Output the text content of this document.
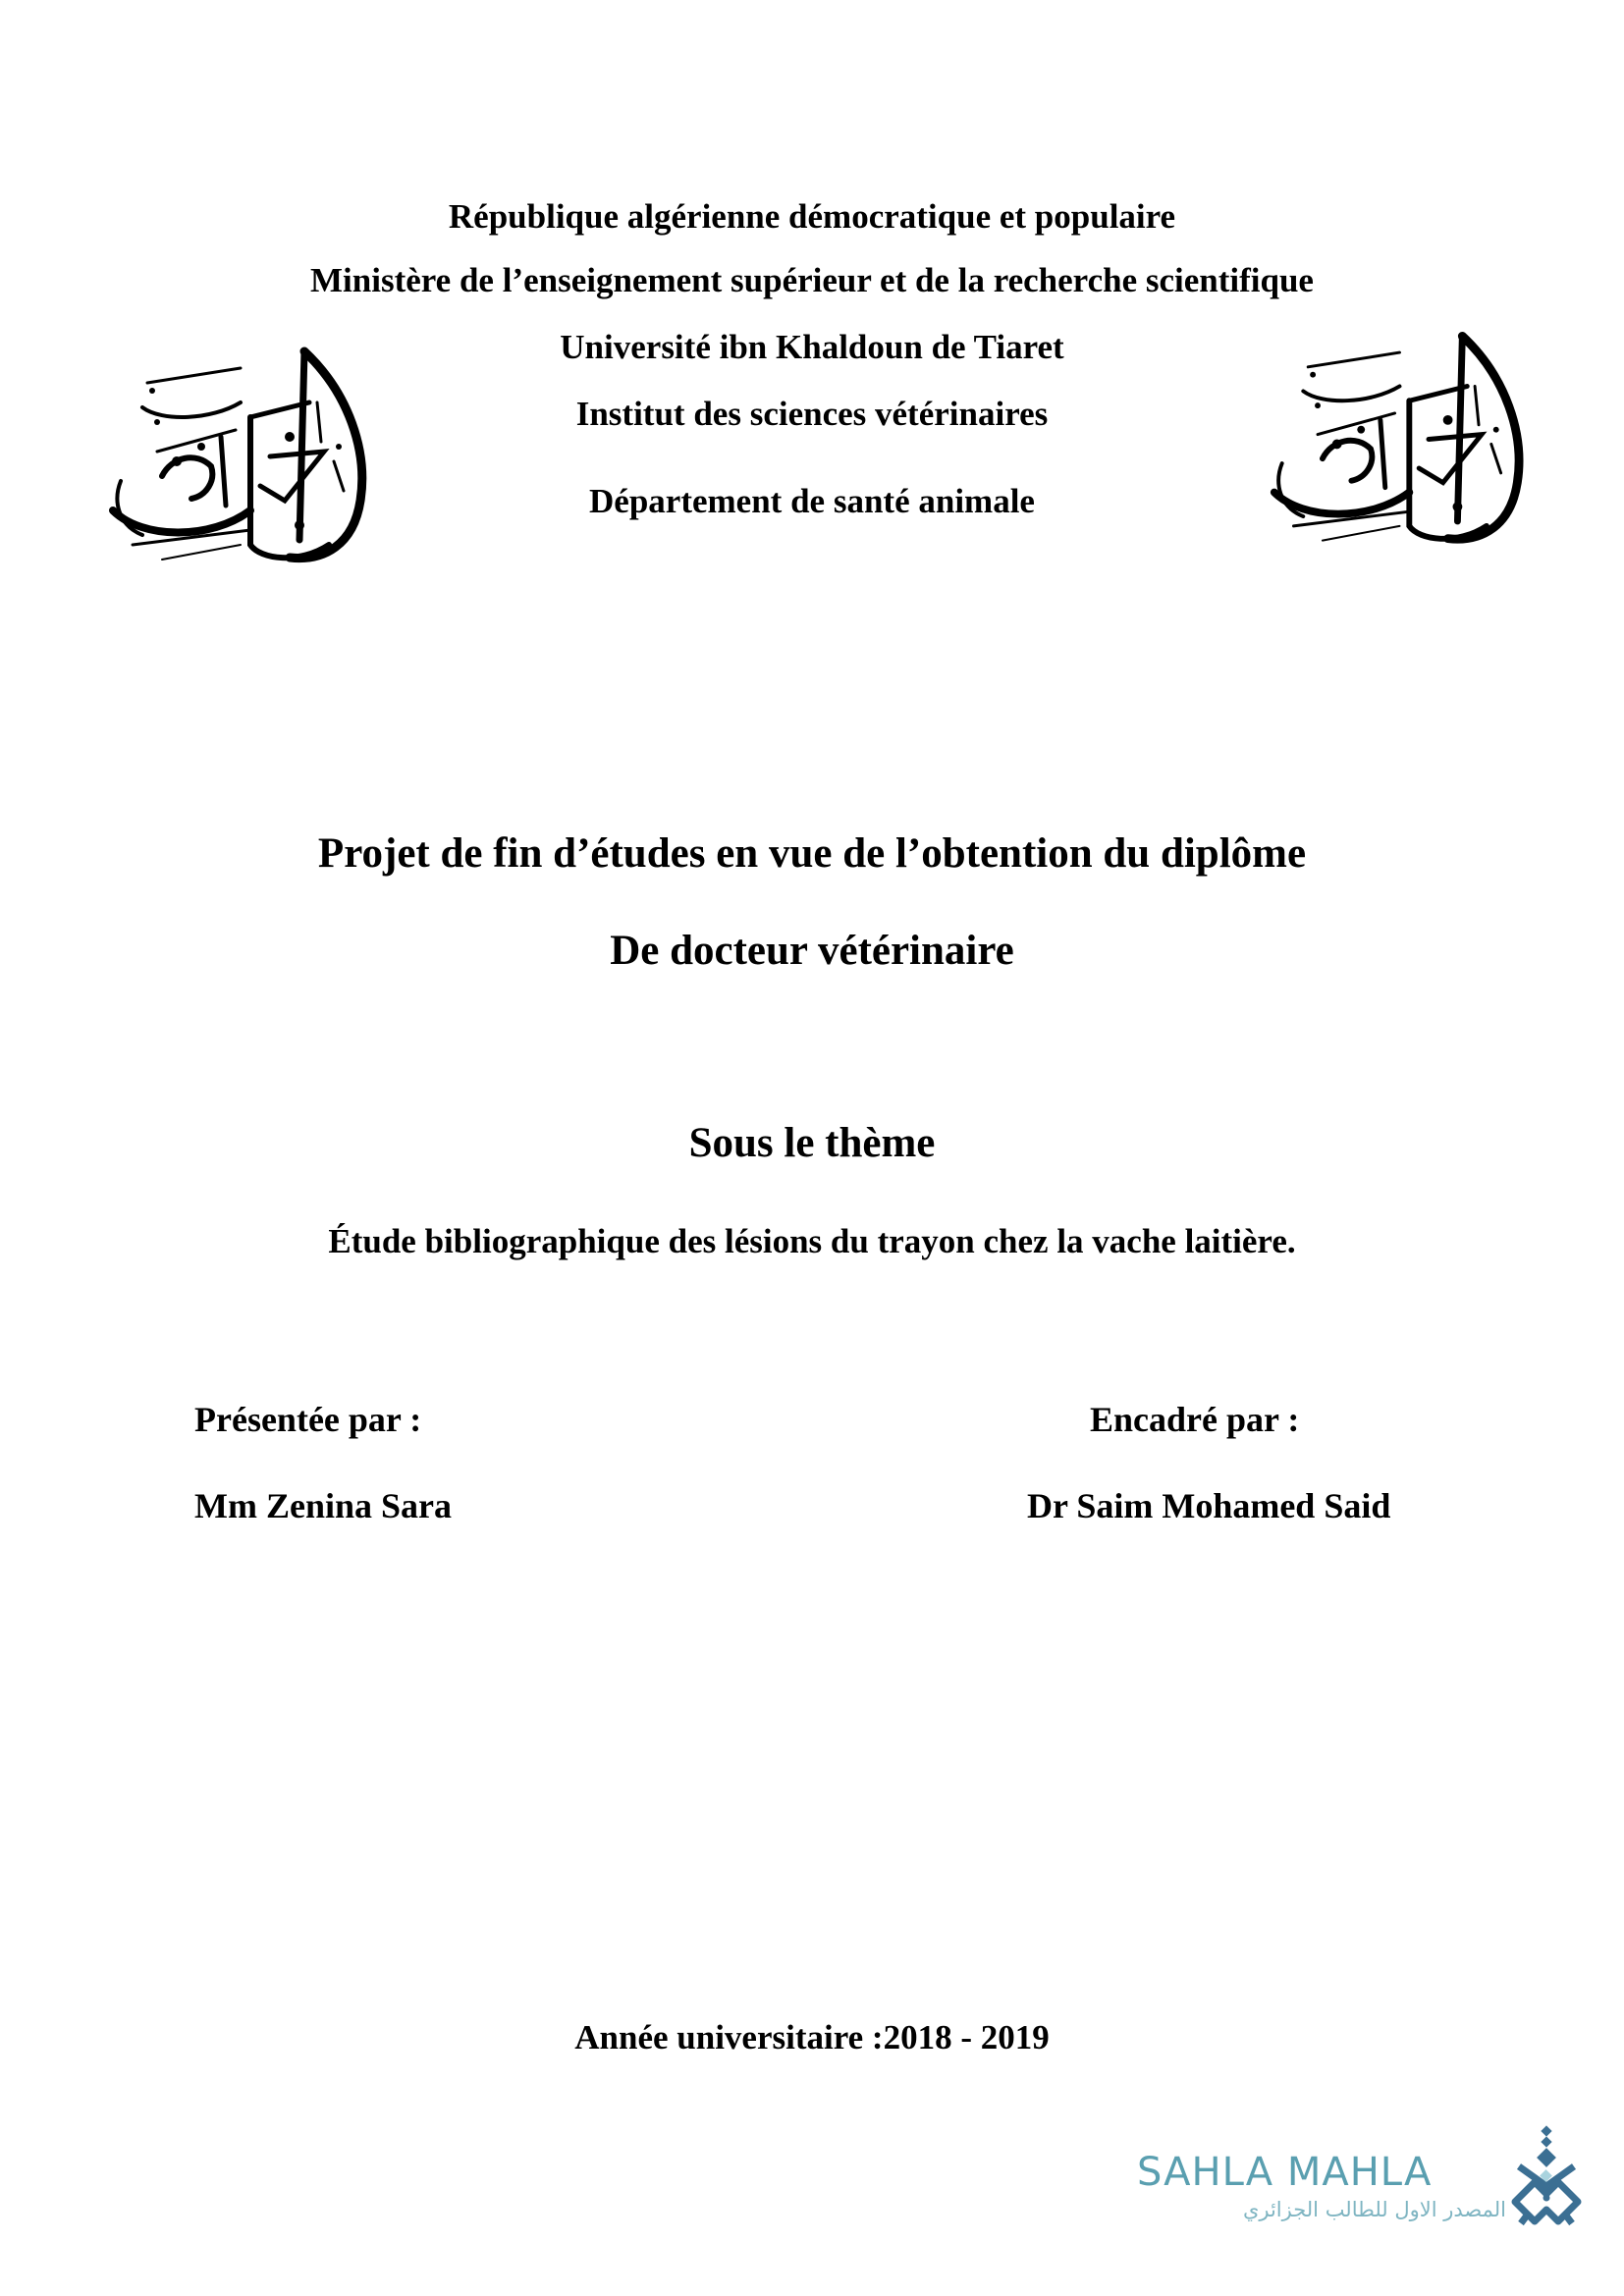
République algérienne démocratique et populaire
Ministère de l’enseignement supérieur et de la recherche scientifique
Université ibn Khaldoun de Tiaret
Institut des sciences vétérinaires
Département de santé animale
Projet de fin d’études en vue de l’obtention du diplôme
De docteur vétérinaire
Sous le thème
Étude bibliographique des lésions du trayon chez la vache laitière.
Présentée par :
Mm Zenina Sara
Encadré par :
Dr Saim Mohamed Said
Année universitaire :2018 - 2019
SAHLA MAHLA
المصدر الاول للطالب الجزائري
